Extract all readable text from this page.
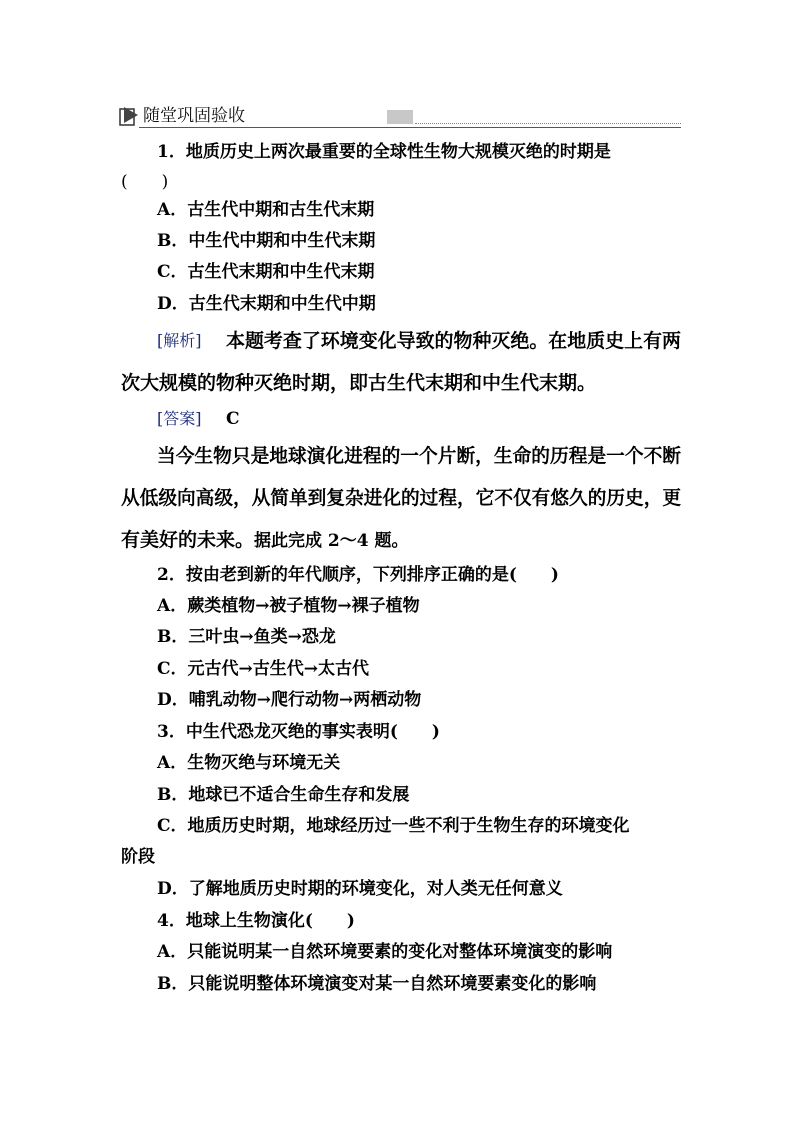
随堂巩固验收
1．地质历史上两次最重要的全球性生物大规模灭绝的时期是
(　　)
A．古生代中期和古生代末期
B．中生代中期和中生代末期
C．古生代末期和中生代末期
D．古生代末期和中生代中期
[解析] 本题考查了环境变化导致的物种灭绝。在地质史上有两
次大规模的物种灭绝时期，即古生代末期和中生代末期。
[答案] C
当今生物只是地球演化进程的一个片断，生命的历程是一个不断
从低级向高级，从简单到复杂进化的过程，它不仅有悠久的历史，更
有美好的未来。据此完成 2～4 题。
2．按由老到新的年代顺序，下列排序正确的是(　　)
A．蕨类植物→被子植物→裸子植物
B．三叶虫→鱼类→恐龙
C．元古代→古生代→太古代
D．哺乳动物→爬行动物→两栖动物
3．中生代恐龙灭绝的事实表明(　　)
A．生物灭绝与环境无关
B．地球已不适合生命生存和发展
C．地质历史时期，地球经历过一些不利于生物生存的环境变化
阶段
D．了解地质历史时期的环境变化，对人类无任何意义
4．地球上生物演化(　　)
A．只能说明某一自然环境要素的变化对整体环境演变的影响
B．只能说明整体环境演变对某一自然环境要素变化的影响
